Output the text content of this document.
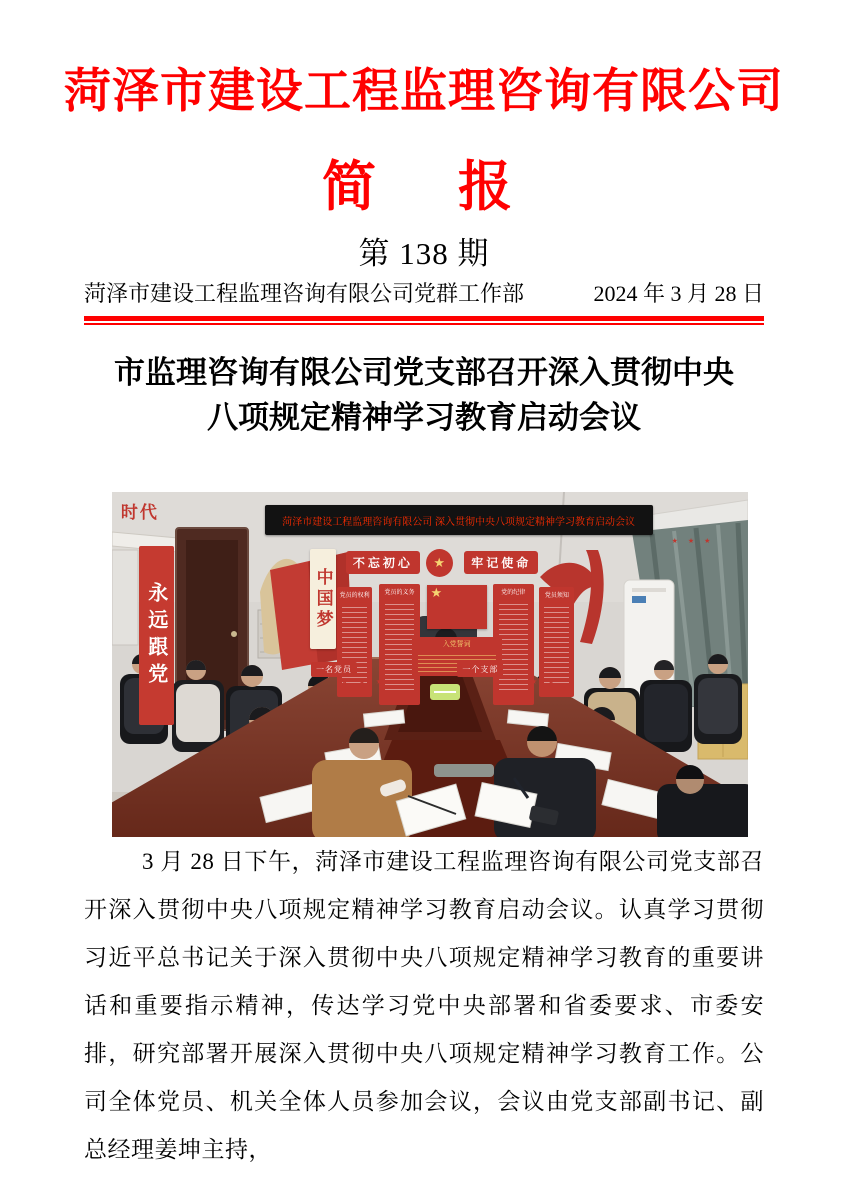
菏泽市建设工程监理咨询有限公司
简　报
第 138 期
菏泽市建设工程监理咨询有限公司党群工作部	2024 年 3 月 28 日
市监理咨询有限公司党支部召开深入贯彻中央
八项规定精神学习教育启动会议
菏泽市建设工程监理咨询有限公司 深入贯彻中央八项规定精神学习教育启动会议
时代
永远跟党	中国梦
不忘初心	★	牢记使命
党员的权利
党员的义务	★	党的纪律
党员须知
入党誓词
一名党员	一个支部
★ ★ ★
★ ★ ★
★ ★ ★
3 月 28 日下午，菏泽市建设工程监理咨询有限公司党支部召开深入贯彻中央八项规定精神学习教育启动会议。认真学习贯彻习近平总书记关于深入贯彻中央八项规定精神学习教育的重要讲话和重要指示精神，传达学习党中央部署和省委要求、市委安排，研究部署开展深入贯彻中央八项规定精神学习教育工作。公司全体党员、机关全体人员参加会议，会议由党支部副书记、副总经理姜坤主持，
